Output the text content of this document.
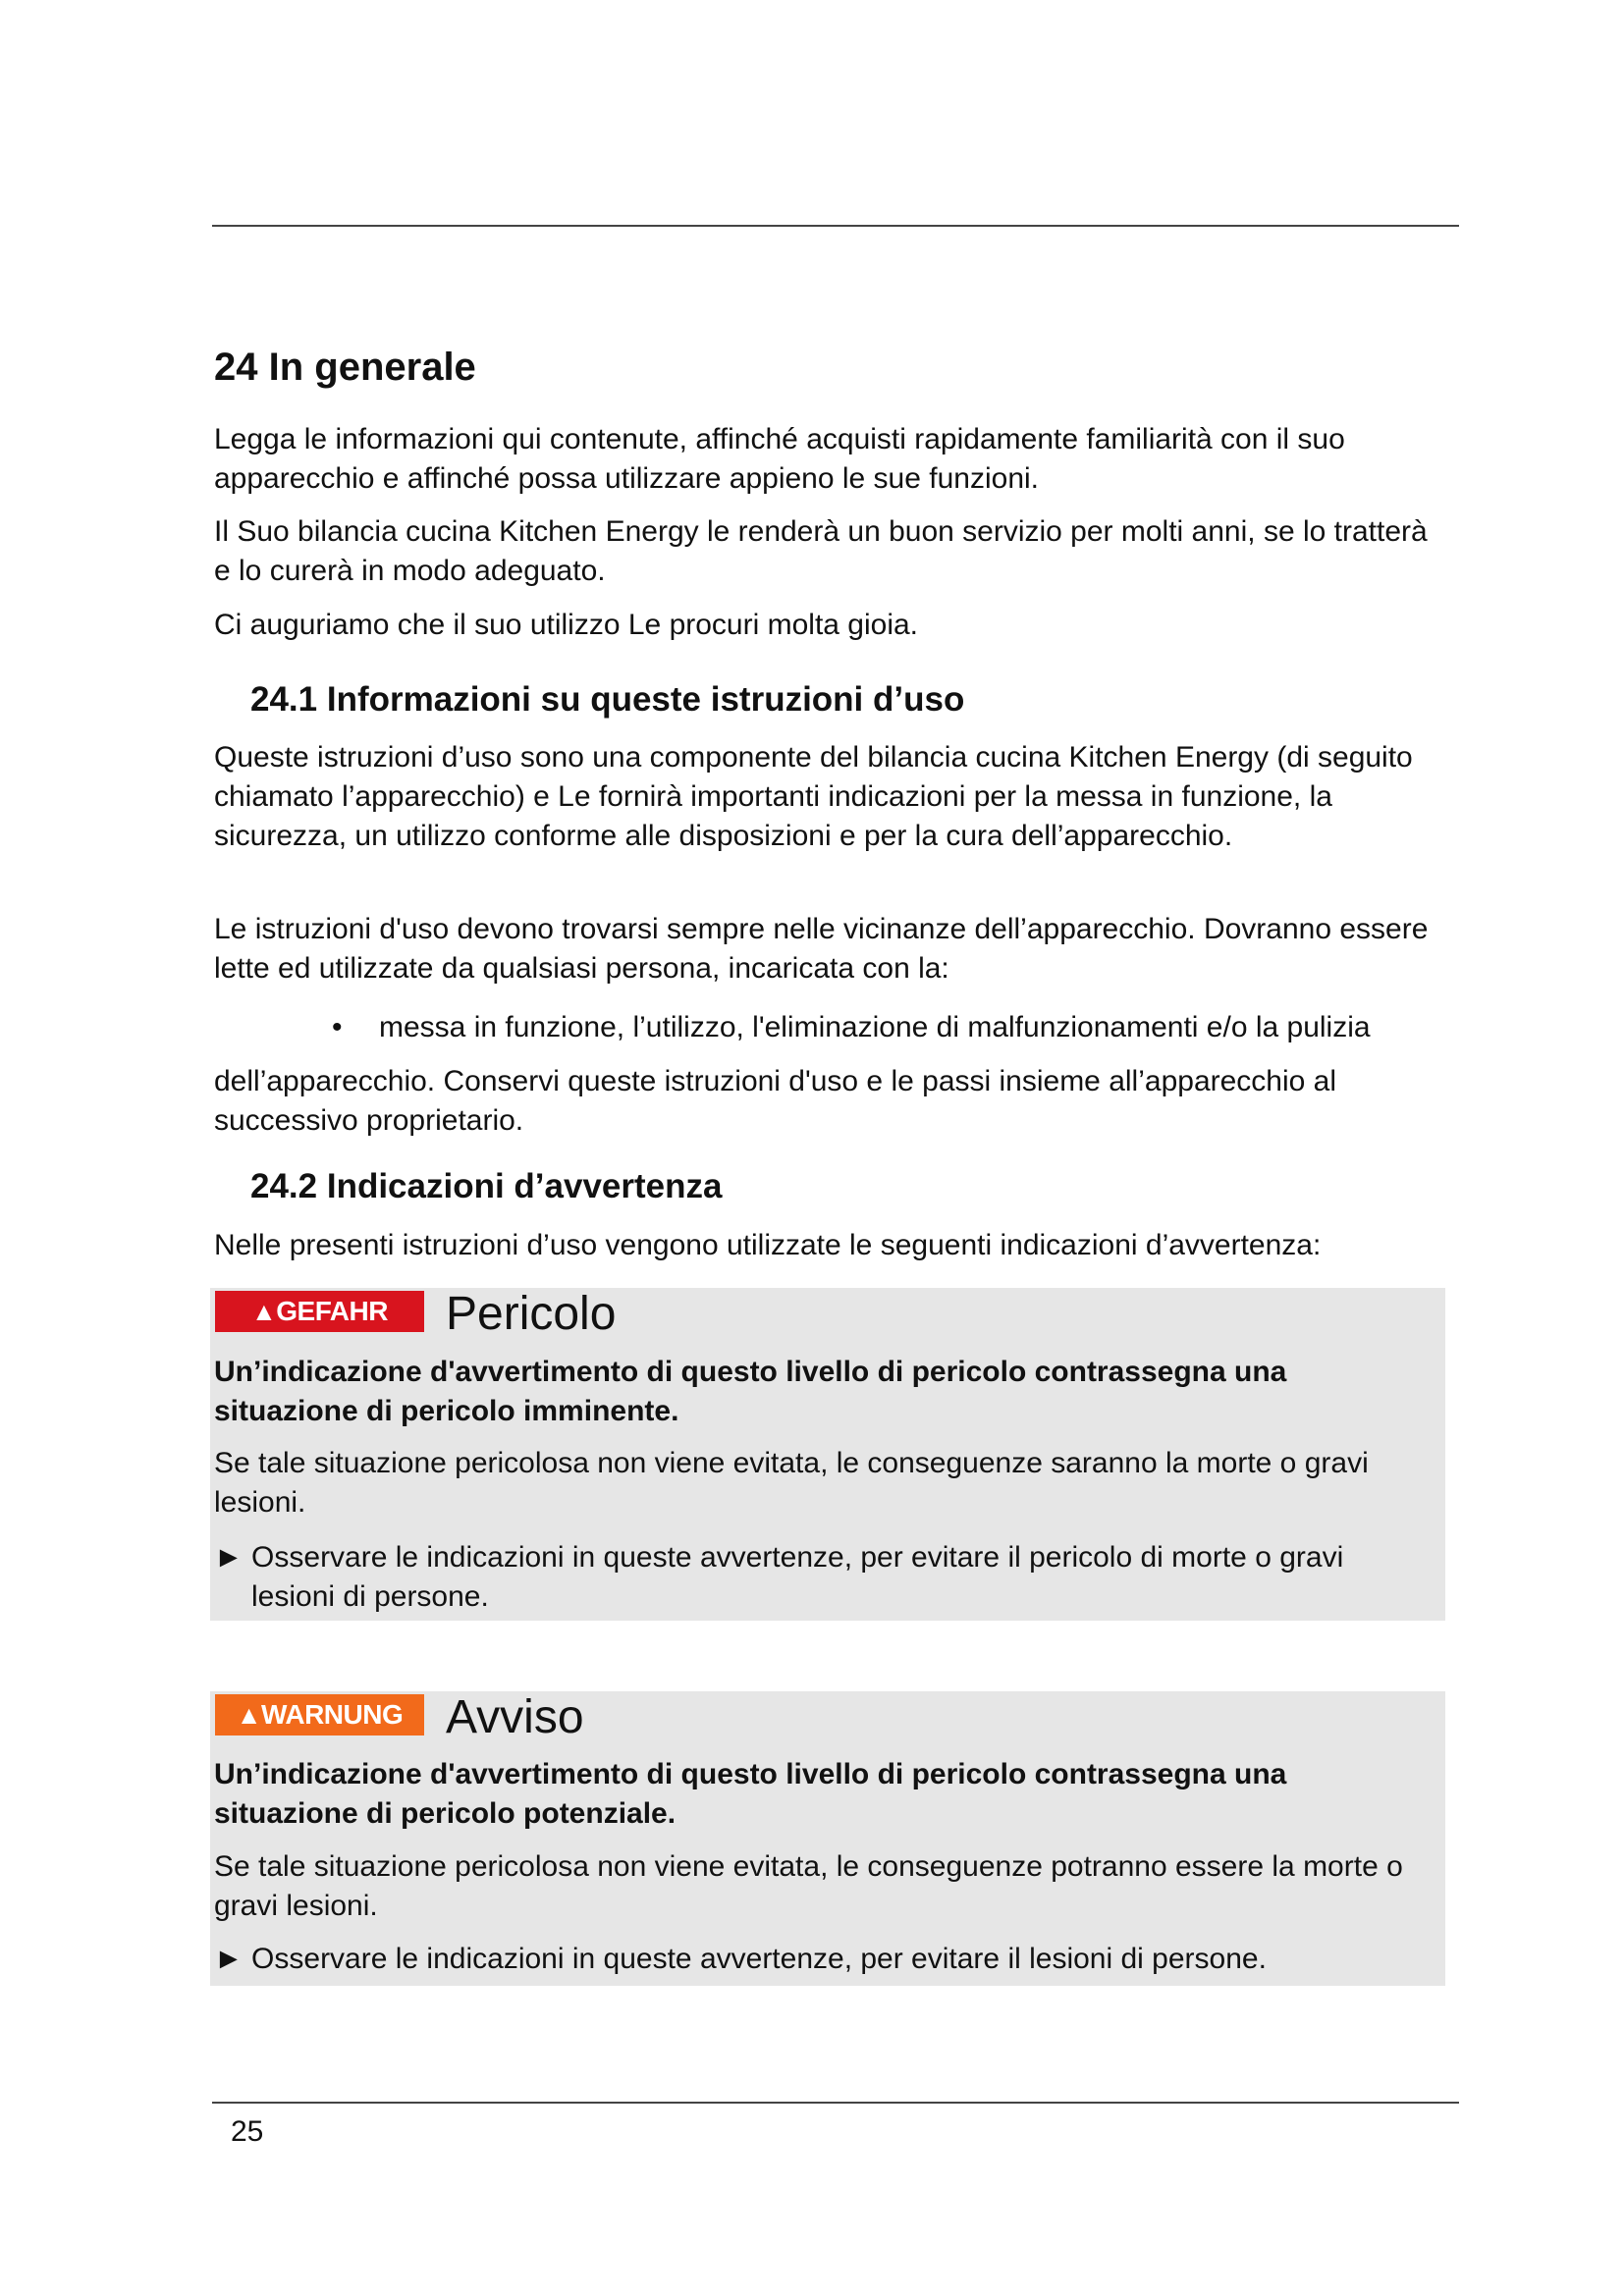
24 In generale

Legga le informazioni qui contenute, affinché acquisti rapidamente familiarità con il suo apparecchio e affinché possa utilizzare appieno le sue funzioni.

Il Suo bilancia cucina Kitchen Energy le renderà un buon servizio per molti anni, se lo tratterà e lo curerà in modo adeguato.

Ci auguriamo che il suo utilizzo Le procuri molta gioia.

24.1 Informazioni su queste istruzioni d’uso

Queste istruzioni d’uso sono una componente del bilancia cucina Kitchen Energy (di seguito chiamato l’apparecchio) e Le fornirà importanti indicazioni per la messa in funzione, la sicurezza, un utilizzo conforme alle disposizioni e per la cura dell’apparecchio.

Le istruzioni d'uso devono trovarsi sempre nelle vicinanze dell’apparecchio. Dovranno essere lette ed utilizzate da qualsiasi persona, incaricata con la:

• messa in funzione, l’utilizzo, l'eliminazione di malfunzionamenti e/o la pulizia

dell’apparecchio. Conservi queste istruzioni d'uso e le passi insieme all’apparecchio al successivo proprietario.

24.2 Indicazioni d’avvertenza

Nelle presenti istruzioni d’uso vengono utilizzate le seguenti indicazioni d’avvertenza:

▲GEFAHR	Pericolo

Un’indicazione d'avvertimento di questo livello di pericolo contrassegna una situazione di pericolo imminente.

Se tale situazione pericolosa non viene evitata, le conseguenze saranno la morte o gravi lesioni.

► Osservare le indicazioni in queste avvertenze, per evitare il pericolo di morte o gravi
lesioni di persone.
▲WARNUNG Avviso

Un’indicazione d'avvertimento di questo livello di pericolo contrassegna una situazione di pericolo potenziale.

Se tale situazione pericolosa non viene evitata, le conseguenze potranno essere la morte o gravi lesioni.

► Osservare le indicazioni in queste avvertenze, per evitare il lesioni di persone.
25
